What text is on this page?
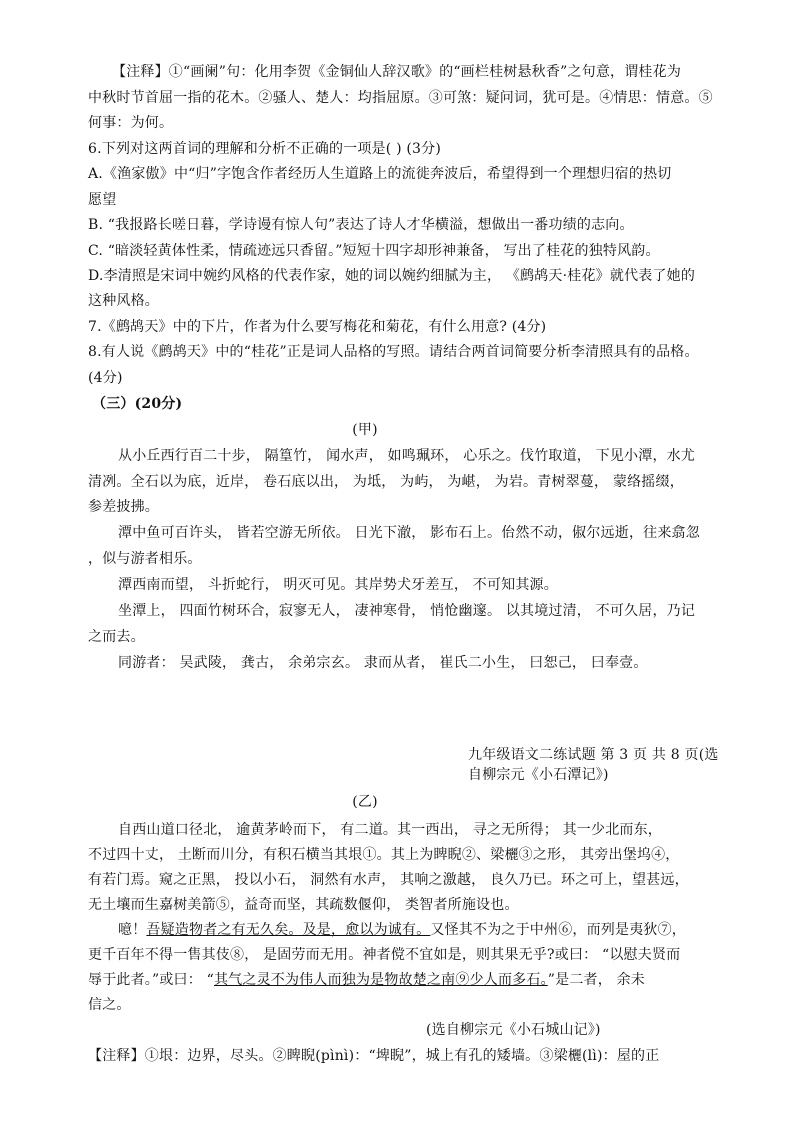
【注释】①“画阑”句：化用李贺《金铜仙人辞汉歌》的“画栏桂树悬秋香”之句意，谓桂花为
中秋时节首屈一指的花木。②骚人、楚人：均指屈原。③可煞：疑问词，犹可是。④情思：情意。⑤
何事：为何。
6.下列对这两首词的理解和分析不正确的一项是( ) (3分)
A.《渔家傲》中“归”字饱含作者经历人生道路上的流徙奔波后，希望得到一个理想归宿的热切
愿望
B. “我报路长嗟日暮，学诗谩有惊人句”表达了诗人才华横溢，想做出一番功绩的志向。
C. “暗淡轻黄体性柔，情疏迹远只香留。”短短十四字却形神兼备， 写出了桂花的独特风韵。
D.李清照是宋词中婉约风格的代表作家，她的词以婉约细腻为主， 《鹧鸪天·桂花》就代表了她的
这种风格。
7.《鹧鸪天》中的下片，作者为什么要写梅花和菊花，有什么用意? (4分)
8.有人说《鹧鸪天》中的“桂花”正是词人品格的写照。请结合两首词简要分析李清照具有的品格。
(4分)
（三）(20分)
(甲)
从小丘西行百二十步， 隔篁竹， 闻水声， 如鸣珮环， 心乐之。伐竹取道， 下见小潭，水尤
清冽。全石以为底，近岸， 卷石底以出， 为坻， 为屿， 为嵁， 为岩。青树翠蔓， 蒙络摇缀，
参差披拂。
潭中鱼可百许头， 皆若空游无所依。 日光下澈， 影布石上。佁然不动，俶尔远逝，往来翕忽
，似与游者相乐。
潭西南而望， 斗折蛇行， 明灭可见。其岸势犬牙差互， 不可知其源。
坐潭上， 四面竹树环合，寂寥无人， 凄神寒骨， 悄怆幽邃。 以其境过清， 不可久居，乃记
之而去。
同游者： 吴武陵， 龚古， 余弟宗玄。 隶而从者， 崔氏二小生， 曰恕己， 曰奉壹。
九年级语文二练试题 第 3 页 共 8 页(选
自柳宗元《小石潭记》)
(乙)
自西山道口径北， 逾黄茅岭而下， 有二道。其一西出， 寻之无所得； 其一少北而东，
不过四十丈， 土断而川分，有积石横当其垠①。其上为睥睨②、梁欐③之形， 其旁出堡坞④，
有若门焉。窥之正黑， 投以小石， 洞然有水声， 其响之激越， 良久乃已。环之可上，望甚远，
无土壤而生嘉树美箭⑤，益奇而坚，其疏数偃仰， 类智者所施设也。
噫！吾疑造物者之有无久矣。及是，愈以为诚有。又怪其不为之于中州⑥，而列是夷狄⑦，
更千百年不得一售其伎⑧， 是固劳而无用。神者傥不宜如是，则其果无乎?或曰： “以慰夫贤而
辱于此者。”或曰： “其气之灵不为伟人而独为是物故楚之南⑨少人而多石。”是二者， 余未
信之。
(选自柳宗元《小石城山记》)
【注释】①垠：边界，尽头。②睥睨(pìnì)：“埤睨”，城上有孔的矮墙。③梁欐(lì)：屋的正
